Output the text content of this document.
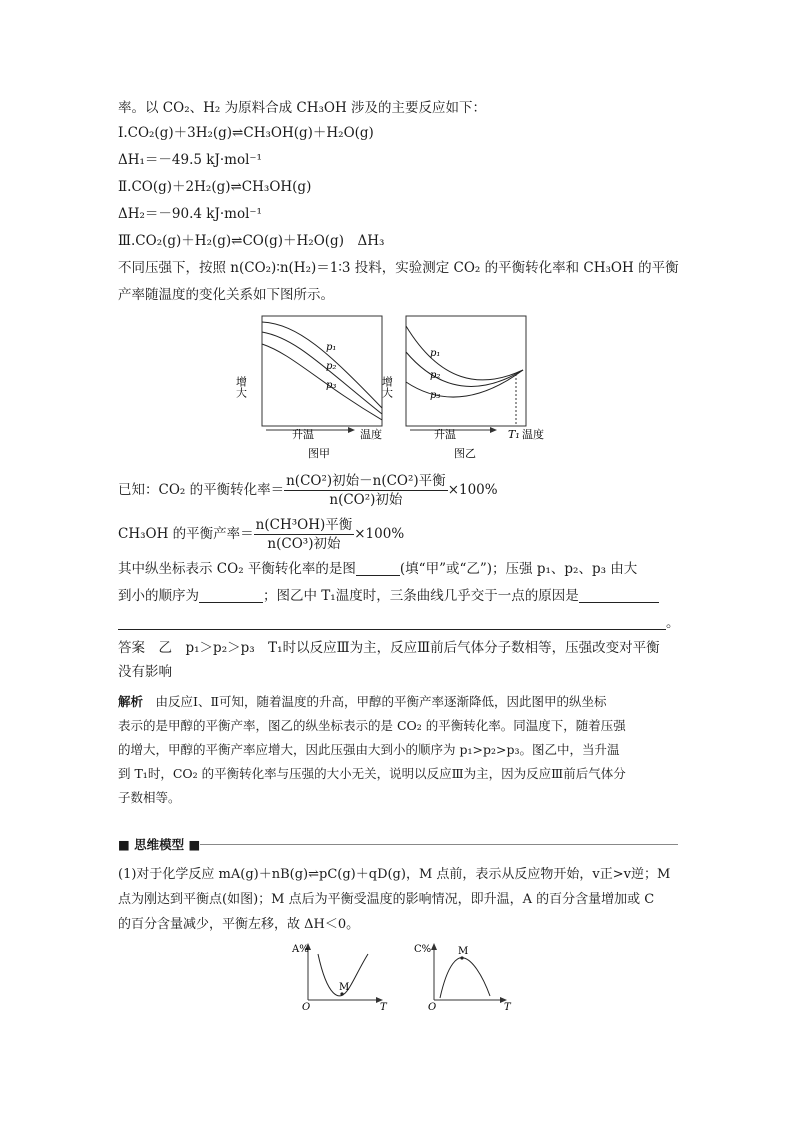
率。以 CO₂、H₂ 为原料合成 CH₃OH 涉及的主要反应如下：
Ⅰ.CO₂(g)＋3H₂(g)⇌CH₃OH(g)＋H₂O(g)
ΔH₁＝－49.5 kJ·mol⁻¹
Ⅱ.CO(g)＋2H₂(g)⇌CH₃OH(g)
ΔH₂＝－90.4 kJ·mol⁻¹
Ⅲ.CO₂(g)＋H₂(g)⇌CO(g)＋H₂O(g)　ΔH₃
不同压强下，按照 n(CO₂)∶n(H₂)＝1∶3 投料，实验测定 CO₂ 的平衡转化率和 CH₃OH 的平衡
产率随温度的变化关系如下图所示。
增大
p₁
p₂
p₃
升温	温度
图甲
增大
p₁
p₂
p₃
升温	T₁ 温度
图乙
已知：CO₂ 的平衡转化率＝ $\frac{\text{n(CO²)初始－n(CO²)平衡}}{\text{n(CO²)初始}} \times 100\%$
CH₃OH 的平衡产率＝ $\frac{\text{n(CH³OH)平衡}}{\text{n(CO³)初始}} \times 100\%$
其中纵坐标表示 CO₂ 平衡转化率的是图	(填“甲”或“乙”)；压强 p₁、p₂、p₃ 由大
到小的顺序为	；图乙中 T₁温度时，三条曲线几乎交于一点的原因是
。
答案　 乙　p₁＞p₂＞p₃　T₁时以反应Ⅲ为主，反应Ⅲ前后气体分子数相等，压强改变对平衡
没有影响
解析　 由反应Ⅰ、Ⅱ可知，随着温度的升高，甲醇的平衡产率逐渐降低，因此图甲的纵坐标
表示的是甲醇的平衡产率，图乙的纵坐标表示的是 CO₂ 的平衡转化率。同温度下，随着压强
的增大，甲醇的平衡产率应增大，因此压强由大到小的顺序为 p₁>p₂>p₃。图乙中，当升温
到 T₁时，CO₂ 的平衡转化率与压强的大小无关，说明以反应Ⅲ为主，因为反应Ⅲ前后气体分
子数相等。
■ 思维模型 ■
(1)对于化学反应 mA(g)＋nB(g)⇌pC(g)＋qD(g)，M 点前，表示从反应物开始，v正>v逆；M
点为刚达到平衡点(如图)；M 点后为平衡受温度的影响情况，即升温，A 的百分含量增加或 C
的百分含量减少，平衡左移，故 ΔH＜0。
A%
M
O	T
C%	M
O	T
